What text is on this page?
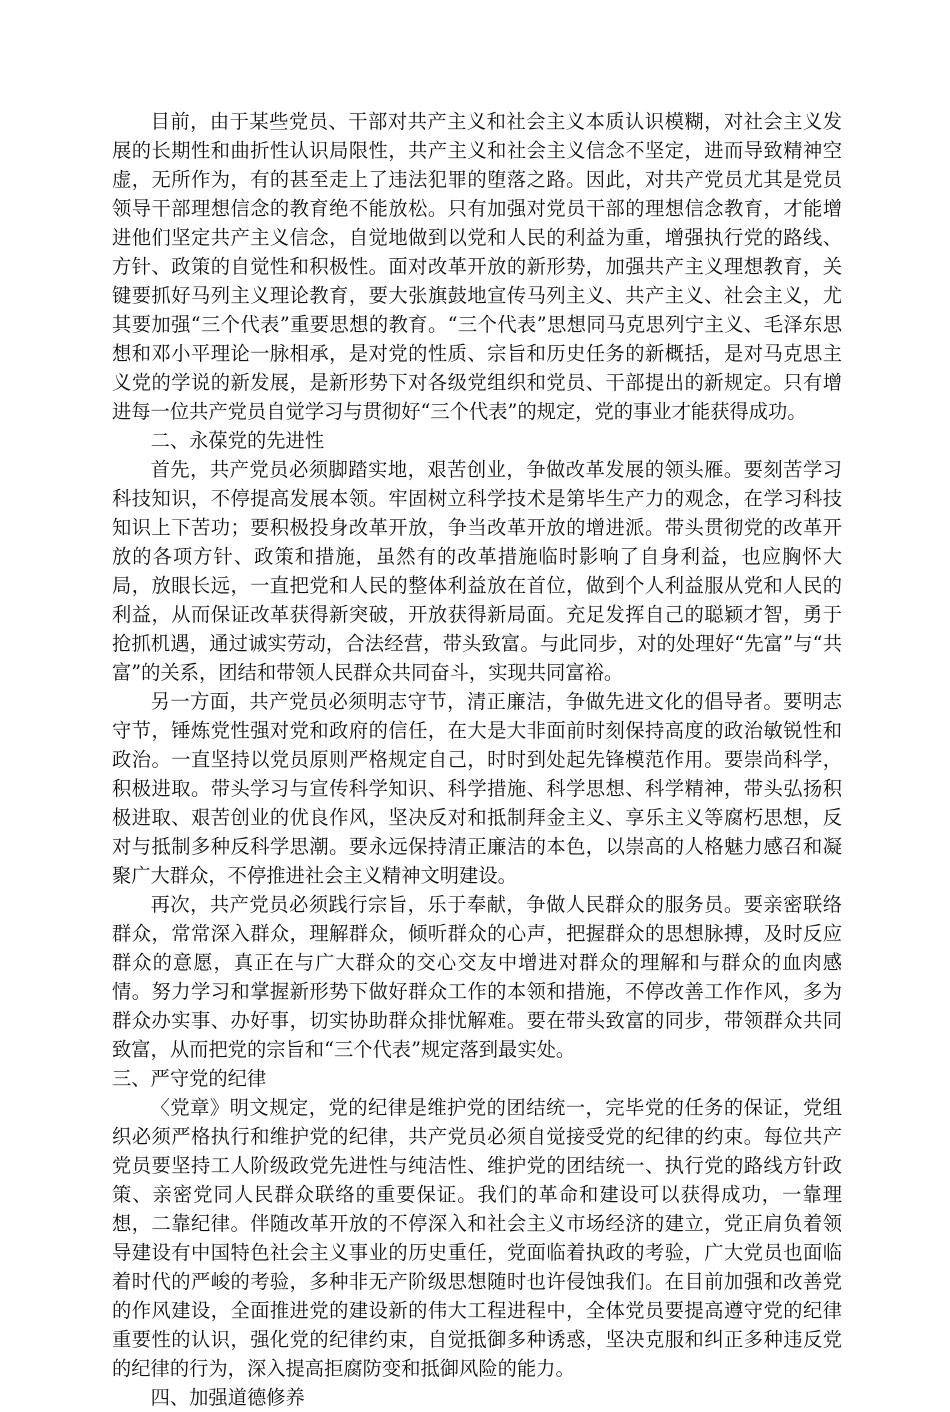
目前，由于某些党员、干部对共产主义和社会主义本质认识模糊，对社会主义发展的长期性和曲折性认识局限性，共产主义和社会主义信念不坚定，进而导致精神空虚，无所作为，有的甚至走上了违法犯罪的堕落之路。因此，对共产党员尤其是党员领导干部理想信念的教育绝不能放松。只有加强对党员干部的理想信念教育，才能增进他们坚定共产主义信念，自觉地做到以党和人民的利益为重，增强执行党的路线、方针、政策的自觉性和积极性。面对改革开放的新形势，加强共产主义理想教育，关键要抓好马列主义理论教育，要大张旗鼓地宣传马列主义、共产主义、社会主义，尤其要加强“三个代表”重要思想的教育。“三个代表”思想同马克思列宁主义、毛泽东思想和邓小平理论一脉相承，是对党的性质、宗旨和历史任务的新概括，是对马克思主义党的学说的新发展，是新形势下对各级党组织和党员、干部提出的新规定。只有增进每一位共产党员自觉学习与贯彻好“三个代表”的规定，党的事业才能获得成功。

二、永葆党的先进性

首先，共产党员必须脚踏实地，艰苦创业，争做改革发展的领头雁。要刻苦学习科技知识，不停提高发展本领。牢固树立科学技术是第毕生产力的观念，在学习科技知识上下苦功；要积极投身改革开放，争当改革开放的增进派。带头贯彻党的改革开放的各项方针、政策和措施，虽然有的改革措施临时影响了自身利益，也应胸怀大局，放眼长远，一直把党和人民的整体利益放在首位，做到个人利益服从党和人民的利益，从而保证改革获得新突破，开放获得新局面。充足发挥自己的聪颖才智，勇于抢抓机遇，通过诚实劳动，合法经营，带头致富。与此同步，对的处理好“先富”与“共富”的关系，团结和带领人民群众共同奋斗，实现共同富裕。

另一方面，共产党员必须明志守节，清正廉洁，争做先进文化的倡导者。要明志守节，锤炼党性强对党和政府的信任，在大是大非面前时刻保持高度的政治敏锐性和政治。一直坚持以党员原则严格规定自己，时时到处起先锋模范作用。要崇尚科学，积极进取。带头学习与宣传科学知识、科学措施、科学思想、科学精神，带头弘扬积极进取、艰苦创业的优良作风，坚决反对和抵制拜金主义、享乐主义等腐朽思想，反对与抵制多种反科学思潮。要永远保持清正廉洁的本色，以崇高的人格魅力感召和凝聚广大群众，不停推进社会主义精神文明建设。

再次，共产党员必须践行宗旨，乐于奉献，争做人民群众的服务员。要亲密联络群众，常常深入群众，理解群众，倾听群众的心声，把握群众的思想脉搏，及时反应群众的意愿，真正在与广大群众的交心交友中增进对群众的理解和与群众的血肉感情。努力学习和掌握新形势下做好群众工作的本领和措施，不停改善工作作风，多为群众办实事、办好事，切实协助群众排忧解难。要在带头致富的同步，带领群众共同致富，从而把党的宗旨和“三个代表”规定落到最实处。

三、严守党的纪律

〈党章》明文规定，党的纪律是维护党的团结统一，完毕党的任务的保证，党组织必须严格执行和维护党的纪律，共产党员必须自觉接受党的纪律的约束。每位共产党员要坚持工人阶级政党先进性与纯洁性、维护党的团结统一、执行党的路线方针政策、亲密党同人民群众联络的重要保证。我们的革命和建设可以获得成功，一靠理想，二靠纪律。伴随改革开放的不停深入和社会主义市场经济的建立，党正肩负着领导建设有中国特色社会主义事业的历史重任，党面临着执政的考验，广大党员也面临着时代的严峻的考验，多种非无产阶级思想随时也许侵蚀我们。在目前加强和改善党的作风建设，全面推进党的建设新的伟大工程进程中，全体党员要提高遵守党的纪律重要性的认识，强化党的纪律约束，自觉抵御多种诱惑，坚决克服和纠正多种违反党的纪律的行为，深入提高拒腐防变和抵御风险的能力。

四、加强道德修养
